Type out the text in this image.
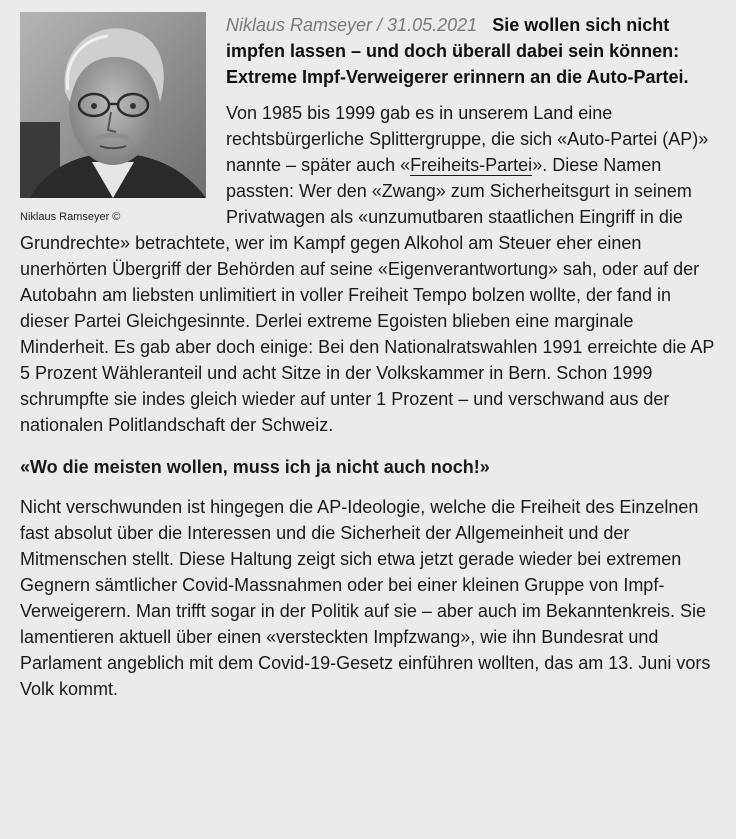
Niklaus Ramseyer ©

Niklaus Ramseyer / 31.05.2021 Sie wollen sich nicht impfen lassen – und doch überall dabei sein können: Extreme Impf-Verweigerer erinnern an die Auto-Partei.

Von 1985 bis 1999 gab es in unserem Land eine rechtsbürgerliche Splittergruppe, die sich «Auto-Partei (AP)» nannte – später auch «Freiheits-Partei». Diese Namen passten: Wer den «Zwang» zum Sicherheitsgurt in seinem Privatwagen als «unzumutbaren staatlichen Eingriff in die Grundrechte» betrachtete, wer im Kampf gegen Alkohol am Steuer eher einen unerhörten Übergriff der Behörden auf seine «Eigenverantwortung» sah, oder auf der Autobahn am liebsten unlimitiert in voller Freiheit Tempo bolzen wollte, der fand in dieser Partei Gleichgesinnte. Derlei extreme Egoisten blieben eine marginale Minderheit. Es gab aber doch einige: Bei den Nationalratswahlen 1991 erreichte die AP 5 Prozent Wähleranteil und acht Sitze in der Volkskammer in Bern. Schon 1999 schrumpfte sie indes gleich wieder auf unter 1 Prozent – und verschwand aus der nationalen Politlandschaft der Schweiz.

«Wo die meisten wollen, muss ich ja nicht auch noch!»

Nicht verschwunden ist hingegen die AP-Ideologie, welche die Freiheit des Einzelnen fast absolut über die Interessen und die Sicherheit der Allgemeinheit und der Mitmenschen stellt. Diese Haltung zeigt sich etwa jetzt gerade wieder bei extremen Gegnern sämtlicher Covid-Massnahmen oder bei einer kleinen Gruppe von Impf-Verweigerern. Man trifft sogar in der Politik auf sie – aber auch im Bekanntenkreis. Sie lamentieren aktuell über einen «versteckten Impfzwang», wie ihn Bundesrat und Parlament angeblich mit dem Covid-19-Gesetz einführen wollten, das am 13. Juni vors Volk kommt.
